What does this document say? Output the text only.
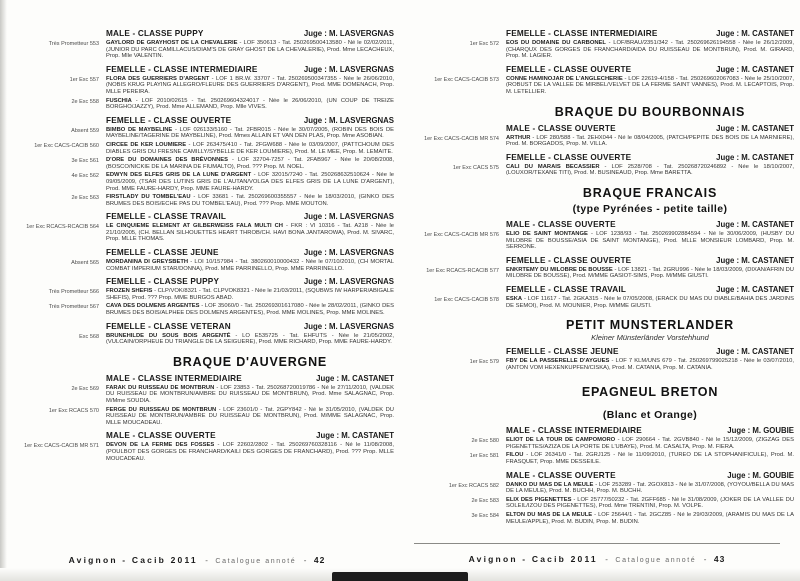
MALE - CLASSE PUPPY	Juge : M. LASVERGNAS
Très Prometteur 553	GAYLORD DE GRAYHOST DE LA CHEVALERIE - LOF 350613 - Tat. 250269500413580 - Né le 02/02/2011, (JUNIOR DU PARC CAMILLACUS/DIAM'S DE GRAY GHOST DE LA CHEVALERIE), Prod. Mme LECACHEUX, Prop. Mlle VALENTIN.
FEMELLE - CLASSE INTERMEDIAIRE	Juge : M. LASVERGNAS
1er Exc 557	FLORA DES GUERRIERS D'ARGENT - LOF 1 BR.W. 33707 - Tat. 250269500347355 - Née le 26/06/2010, (NOBIS KRUG PLAYING ALLEGRO/FLEURE DES GUERRIERS D'ARGENT), Prod. MME DOMENACH, Prop. MLLE PEREIRA.
2e Exc 558	FUSCHIA - LOF 2010/02615 - Tat. 250269604324017 - Née le 26/06/2010, (UN COUP DE TREIZE BORGHO/JAZZY), Prod. Mme ALLEMAND, Prop. Mlle VIVES.
FEMELLE - CLASSE OUVERTE	Juge : M. LASVERGNAS
Absent 559	BIMBO DE MAYBELINE - LOF 026133/5160 - Tat. 2FBR015 - Née le 30/07/2005, (ROBIN DES BOIS DE MAYBELINE/TAGERINE DE MAYBELINE), Prod. Mmes ALLAIN ET VAN DEN PLAS, Prop. Mme ASOBIAN.
1er Exc CACS-CACIB 560	CIRCEE DE KER LOUMIERE - LOF 263475/410 - Tat. 2FGW688 - Née le 03/09/2007, (PATTCHOUM DES DIABLES GRIS DU FRESNE CAMILLY/SYBELLE DE KER LOUMIERE), Prod. M. LE MEE, Prop. M. LEMAITE.
3e Exc 561	D'ORE DU DOMAINES DES BRÉVONNES - LOF 32704-7257 - Tat. 2FAB967 - Née le 20/08/2008, (BOSCO/NICKIE DE LA MARINA DE FIUMALTO), Prod. ??? Prop. M. NOEL.
4e Exc 562	EDWYN DES ELFES GRIS DE LA LUNE D'ARGENT - LOF 32015/7240 - Tat. 250268632510624 - Née le 09/05/2009, (TSAR DES LUTINS GRIS DE L'AUTAN/VOLGA DES ELFES GRIS DE LA LUNE D'ARGENT), Prod. MME FAURE-HARDY, Prop. MME FAURE-HARDY.
2e Exc 563	FIRSTLADY DU TOMBEL'EAU - LOF 33681 - Tat. 250269600355557 - Née le 18/03/2010, (GINKO DES BRUMES DES BOIS/ECHE PAS DU TOMBEL'EAU), Prod. ??? Prop. MME MOUTON.
FEMELLE - CLASSE TRAVAIL	Juge : M. LASVERGNAS
1er Exc RCACS-RCACIB 564	LE CINQUIEME ELEMENT AT GILBERWEISS FALA MULTI CH - FKR : VI 10316 - Tat. A218 - Née le 21/10/2005, (CH. BELLAN SILHOUETTES HEART THROB/CH. HAVI BONA JANTAROWA), Prod. M. SIVARC, Prop. MLLE THOMAS.
FEMELLE - CLASSE JEUNE	Juge : M. LASVERGNAS
Absent 565	MORDANINA DI GREYSBETH - LOI 10/157984 - Tat. 380260010000432 - Née le 07/10/2010, (CH MORTAL COMBAT IMPERIUM STAR/DONNA), Prod. MME PARRINELLO, Prop. MME PARRINELLO.
FEMELLE - CLASSE PUPPY	Juge : M. LASVERGNAS
Très Prometteur 566	FROZEN SHEFIS - CLP/VOK/8321 - Tat. CLPVOK8321 - Née le 21/03/2011, (SQUBWS IW HARPER/ABIGALE SHEFIS), Prod. ??? Prop. MME BURGOS ABAD.
Très Prometteur 567	CAVA DES DOLMENS ARGENTES - LOF 35060/0 - Tat. 250269301617080 - Née le 28/02/2011, (GINKO DES BRUMES DES BOIS/ALPHEE DES DOLMENS ARGENTES), Prod. MME MOLINES, Prop. MME MOLINES.
FEMELLE - CLASSE VETERAN	Juge : M. LASVERGNAS
Exc 568	BRUNEHILDE DU SOUS BOIS ARGENTÉ - LO E535725 - Tat. EHFUTS - Née le 21/05/2002, (VULCAIN/ORPHEUE DU TRIANGLE DE LA SEIGUERE), Prod. MME RICHARD, Prop. MME FAURE-HARDY.
BRAQUE D'AUVERGNE
MALE - CLASSE INTERMEDIAIRE	Juge : M. CASTANET
2e Exc 569	FARAK DU RUISSEAU DE MONTBRUN - LOF 23853 - Tat. 250268720019786 - Né le 27/11/2010, (VALDEK DU RUISSEAU DE MONTBRUN/AMBRE DU RUISSEAU DE MONTBRUN), Prod. Mme SALAGNAC, Prop. M/Mme SOUDIA.
1er Exc RCACS 570	FERGE DU RUISSEAU DE MONTBRUN - LOF 23601/0 - Tat. 2GPY842 - Né le 31/05/2010, (VALDEK DU RUISSEAU DE MONTBRUN/AMBRE DU RUISSEAU DE MONTBRUN), Prod. M/MME SALAGNAC, Prop. MLLE MOUCADEAU.
MALE - CLASSE OUVERTE	Juge : M. CASTANET
1er Exc CACS-CACIB MR 571	DEVON DE LA FERME DES FOSSES - LOF 22602/2802 - Tat. 250269760328116 - Né le 11/08/2008, (POULBOT DES GORGES DE FRANCHARD/KAILI DES GORGES DE FRANCHARD), Prod. ??? Prop. MLLE MOUCADEAU.
Avignon - Cacib 2011 - Catalogue annoté - 42
FEMELLE - CLASSE INTERMEDIAIRE	Juge : M. CASTANET
1er Exc 572	EOS DU DOMAINE DU CARBONEL - LOF/BRAU/2351/342 - Tat. 250269626194558 - Née le 26/12/2009, (CHARQUX DES GORGES DE FRANCHARD/AIDA DU RUISSEAU DE MONTBRUN), Prod. M. GIRARD, Prop. M. LAGIER.
FEMELLE - CLASSE OUVERTE	Juge : M. CASTANET
1er Exc CACS-CACIB 573	CONNE HAMINOJAR DE L'ANGLECHERIE - LOF 22619-4/158 - Tat. 250269602067083 - Née le 25/10/2007, (ROBUST DE LA VALLEE DE MIRBEL/VELVET DE LA FERME SAINT VANNES), Prod. M. LECAPTOIS, Prop. M. LETELLIER.
BRAQUE DU BOURBONNAIS
MALE - CLASSE OUVERTE	Juge : M. CASTANET
1er Exc CACS-CACIB MR 574	ARTHUR - LOF 280/588 - Tat. 2EHX044 - Né le 08/04/2005, (PATCH/PEPITE DES BOIS DE LA MARNIERE), Prod. M. BORGADOS, Prop. M. VILLA.
FEMELLE - CLASSE OUVERTE	Juge : M. CASTANET
1er Exc CACS 575	CALI DU MARAIS BECASSIER - LOF 2528/708 - Tat. 250268720246892 - Née le 18/10/2007, (LOUXOR/TEXANE TITI), Prod. M. BUSINEAUD, Prop. Mme BARETTA.
BRAQUE FRANCAIS
(type Pyrénées - petite taille)
MALE - CLASSE OUVERTE	Juge : M. CASTANET
1er Exc CACS-CACIB MR 576	ELIO DE SAINT MONTANGE - LOF 1238/93 - Tat. 250269902884594 - Né le 30/06/2009, (HUSBY DU MILOBRE DE BOUSSE/ASIA DE SAINT MONTANGE), Prod. MLLE MONSIEUR LOMBARD, Prop. M. SERRONE.
FEMELLE - CLASSE OUVERTE	Juge : M. CASTANET
1er Exc RCACS-RCACIB 577	ENKRTEMY DU MILOBRE DE BOUSSE - LOF 13821 - Tat. 2GRU996 - Née le 18/03/2009, (DIXAN/AFRIN DU MILOBRE DE BOUSSE), Prod. M/MME GASIOT-SIMS, Prop. M/MME GIUSTI.
FEMELLE - CLASSE TRAVAIL	Juge : M. CASTANET
1er Exc CACS-CACIB 578	ESKA - LOF 11617 - Tat. 2GKA315 - Née le 07/05/2008, (ERACK DU MAS DU DIABLE/BAHIA DES JARDINS DE SEMOI), Prod. M. MOUNIER, Prop. M/MME GIUSTI.
PETIT MUNSTERLANDER
Kleiner Münsterländer Vorstehhund
FEMELLE - CLASSE JEUNE	Juge : M. CASTANET
1er Exc 579	FBY DE LA PASSERELLE D'AYGUES - LOF 7 KLM/UNS 679 - Tat. 250269799025218 - Née le 03/07/2010, (ANTON VOM HEXENKUPFEN/CISKA), Prod. M. CATANIA, Prop. M. CATANIA.
EPAGNEUL BRETON
(Blanc et Orange)
MALE - CLASSE INTERMEDIAIRE	Juge : M. GOUBIE
2e Exc 580	ELIOT DE LA TOUR DE CAMPOMORO - LOF 290664 - Tat. 2GVB840 - Né le 15/12/2009, (ZIGZAG DES PIGENETTES/AZIZA DE LA PORTE DE L'UBAYE), Prod. M. CASALTA, Prop. M. FIERA.
1er Exc 581	FILOU - LOF 26341/0 - Tat. 2GRJ125 - Né le 11/09/2010, (TUREO DE LA STOPHANIFICULE), Prod. M. FRASQUET, Prop. MME DESSEILE.
MALE - CLASSE OUVERTE	Juge : M. GOUBIE
1er Exc RCACS 582	DANKO DU MAS DE LA MEULE - LOF 253289 - Tat. 2GOX813 - Né le 31/07/2008, (YOYOU/BELLA DU MAS DE LA MEULE), Prod. M. BUCHH, Prop. M. BUCHH.
2e Exc 583	ELIX DES PIGENETTES - LOF 25777/50232 - Tat. 2GFF685 - Né le 31/08/2009, (JOKER DE LA VALLEE DU SOLEIL/IZOU DES PIGENETTES), Prod. Mme TRENTINI, Prop. M. VOLPE.
3e Exc 584	ELTON DU MAS DE LA MEULE - LOF 25644/1 - Tat. 2GCZ85 - Né le 29/03/2009, (ARAMIS DU MAS DE LA MEULE/APPLE), Prod. M. BUDIN, Prop. M. BUDIN.
Avignon - Cacib 2011 - Catalogue annoté - 43
